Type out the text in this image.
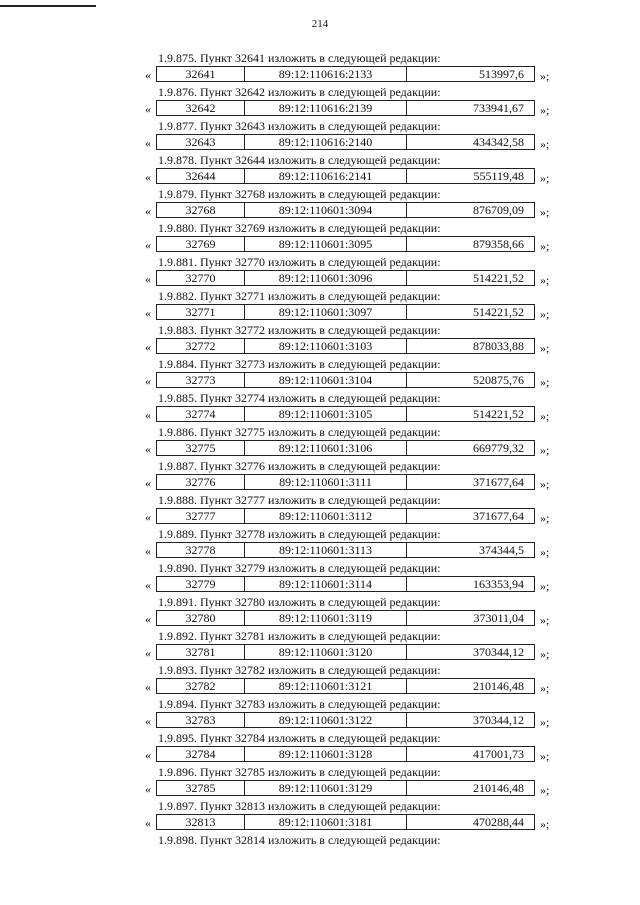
214
1.9.875. Пункт 32641 изложить в следующей редакции:
«	32641	89:12:110616:2133	513997,6	»;
1.9.876. Пункт 32642 изложить в следующей редакции:
«	32642	89:12:110616:2139	733941,67	»;
1.9.877. Пункт 32643 изложить в следующей редакции:
«	32643	89:12:110616:2140	434342,58	»;
1.9.878. Пункт 32644 изложить в следующей редакции:
«	32644	89:12:110616:2141	555119,48	»;
1.9.879. Пункт 32768 изложить в следующей редакции:
«	32768	89:12:110601:3094	876709,09	»;
1.9.880. Пункт 32769 изложить в следующей редакции:
«	32769	89:12:110601:3095	879358,66	»;
1.9.881. Пункт 32770 изложить в следующей редакции:
«	32770	89:12:110601:3096	514221,52	»;
1.9.882. Пункт 32771 изложить в следующей редакции:
«	32771	89:12:110601:3097	514221,52	»;
1.9.883. Пункт 32772 изложить в следующей редакции:
«	32772	89:12:110601:3103	878033,88	»;
1.9.884. Пункт 32773 изложить в следующей редакции:
«	32773	89:12:110601:3104	520875,76	»;
1.9.885. Пункт 32774 изложить в следующей редакции:
«	32774	89:12:110601:3105	514221,52	»;
1.9.886. Пункт 32775 изложить в следующей редакции:
«	32775	89:12:110601:3106	669779,32	»;
1.9.887. Пункт 32776 изложить в следующей редакции:
«	32776	89:12:110601:3111	371677,64	»;
1.9.888. Пункт 32777 изложить в следующей редакции:
«	32777	89:12:110601:3112	371677,64	»;
1.9.889. Пункт 32778 изложить в следующей редакции:
«	32778	89:12:110601:3113	374344,5	»;
1.9.890. Пункт 32779 изложить в следующей редакции:
«	32779	89:12:110601:3114	163353,94	»;
1.9.891. Пункт 32780 изложить в следующей редакции:
«	32780	89:12:110601:3119	373011,04	»;
1.9.892. Пункт 32781 изложить в следующей редакции:
«	32781	89:12:110601:3120	370344,12	»;
1.9.893. Пункт 32782 изложить в следующей редакции:
«	32782	89:12:110601:3121	210146,48	»;
1.9.894. Пункт 32783 изложить в следующей редакции:
«	32783	89:12:110601:3122	370344,12	»;
1.9.895. Пункт 32784 изложить в следующей редакции:
«	32784	89:12:110601:3128	417001,73	»;
1.9.896. Пункт 32785 изложить в следующей редакции:
«	32785	89:12:110601:3129	210146,48	»;
1.9.897. Пункт 32813 изложить в следующей редакции:
«	32813	89:12:110601:3181	470288,44	»;
1.9.898. Пункт 32814 изложить в следующей редакции:
